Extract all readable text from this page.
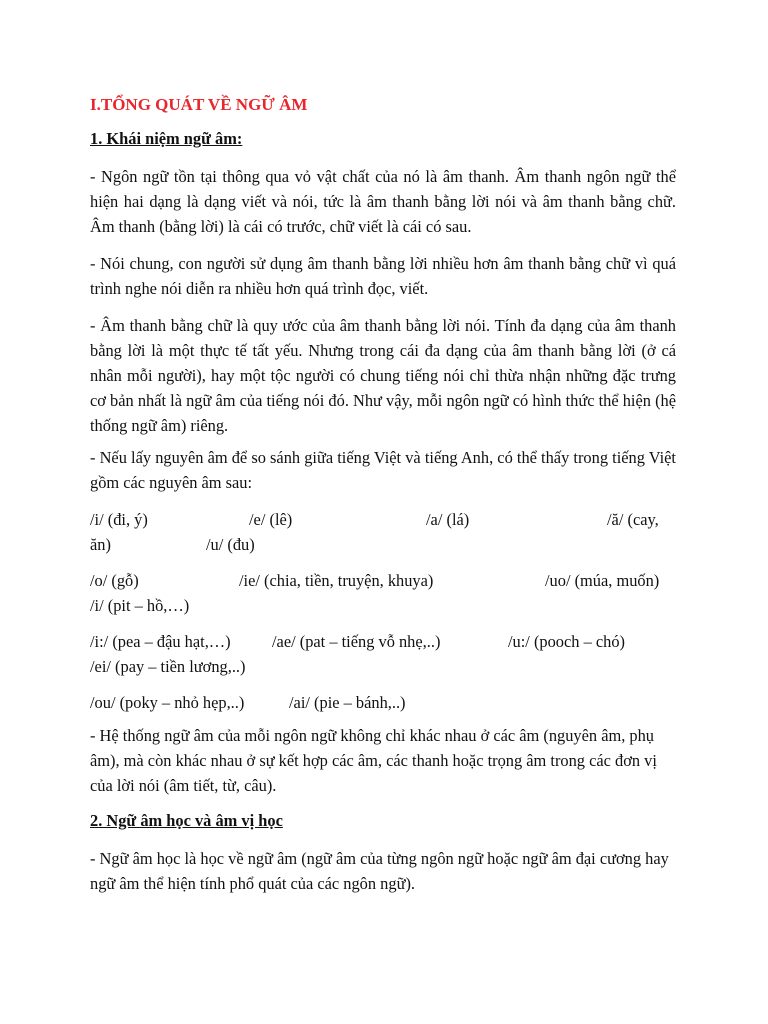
I.TỔNG QUÁT VỀ NGỮ ÂM
1. Khái niệm ngữ âm:
- Ngôn ngữ tồn tại thông qua vỏ vật chất của nó là âm thanh. Âm thanh ngôn ngữ thể hiện hai dạng là dạng viết và nói, tức là âm thanh bằng lời nói và âm thanh bằng chữ. Âm thanh (bằng lời) là cái có trước, chữ viết là cái có sau.
- Nói chung, con người sử dụng âm thanh bằng lời nhiều hơn âm thanh bằng chữ vì quá trình nghe nói diễn ra nhiều hơn quá trình đọc, viết.
- Âm thanh bằng chữ là quy ước của âm thanh bằng lời nói. Tính đa dạng của âm thanh bằng lời là một thực tế tất yếu. Nhưng trong cái đa dạng của âm thanh bằng lời (ở cá nhân mỗi người), hay một tộc người có chung tiếng nói chỉ thừa nhận những đặc trưng cơ bản nhất là ngữ âm của tiếng nói đó. Như vậy, mỗi ngôn ngữ có hình thức thể hiện (hệ thống ngữ âm) riêng.
- Nếu lấy nguyên âm để so sánh giữa tiếng Việt và tiếng Anh, có thể thấy trong tiếng Việt gồm các nguyên âm sau:
/i/ (đi, ý)	/e/ (lê)	/a/ (lá)	/ă/ (cay,
ăn)	/u/ (đu)
/o/ (gỗ)	/ie/ (chia, tiền, truyện, khuya)	/uo/ (múa, muốn)
/i/ (pit – hồ,…)
/i:/ (pea – đậu hạt,…)	/ae/ (pat – tiếng vỗ nhẹ,..)	/u:/ (pooch – chó)
/ei/ (pay – tiền lương,..)
/ou/ (poky – nhỏ hẹp,..)	/ai/ (pie – bánh,..)
- Hệ thống ngữ âm của mỗi ngôn ngữ không chỉ khác nhau ở các âm (nguyên âm, phụ âm), mà còn khác nhau ở sự kết hợp các âm, các thanh hoặc trọng âm trong các đơn vị của lời nói (âm tiết, từ, câu).
2. Ngữ âm học và âm vị học
- Ngữ âm học là học về ngữ âm (ngữ âm của từng ngôn ngữ hoặc ngữ âm đại cương hay ngữ âm thể hiện tính phổ quát của các ngôn ngữ).
